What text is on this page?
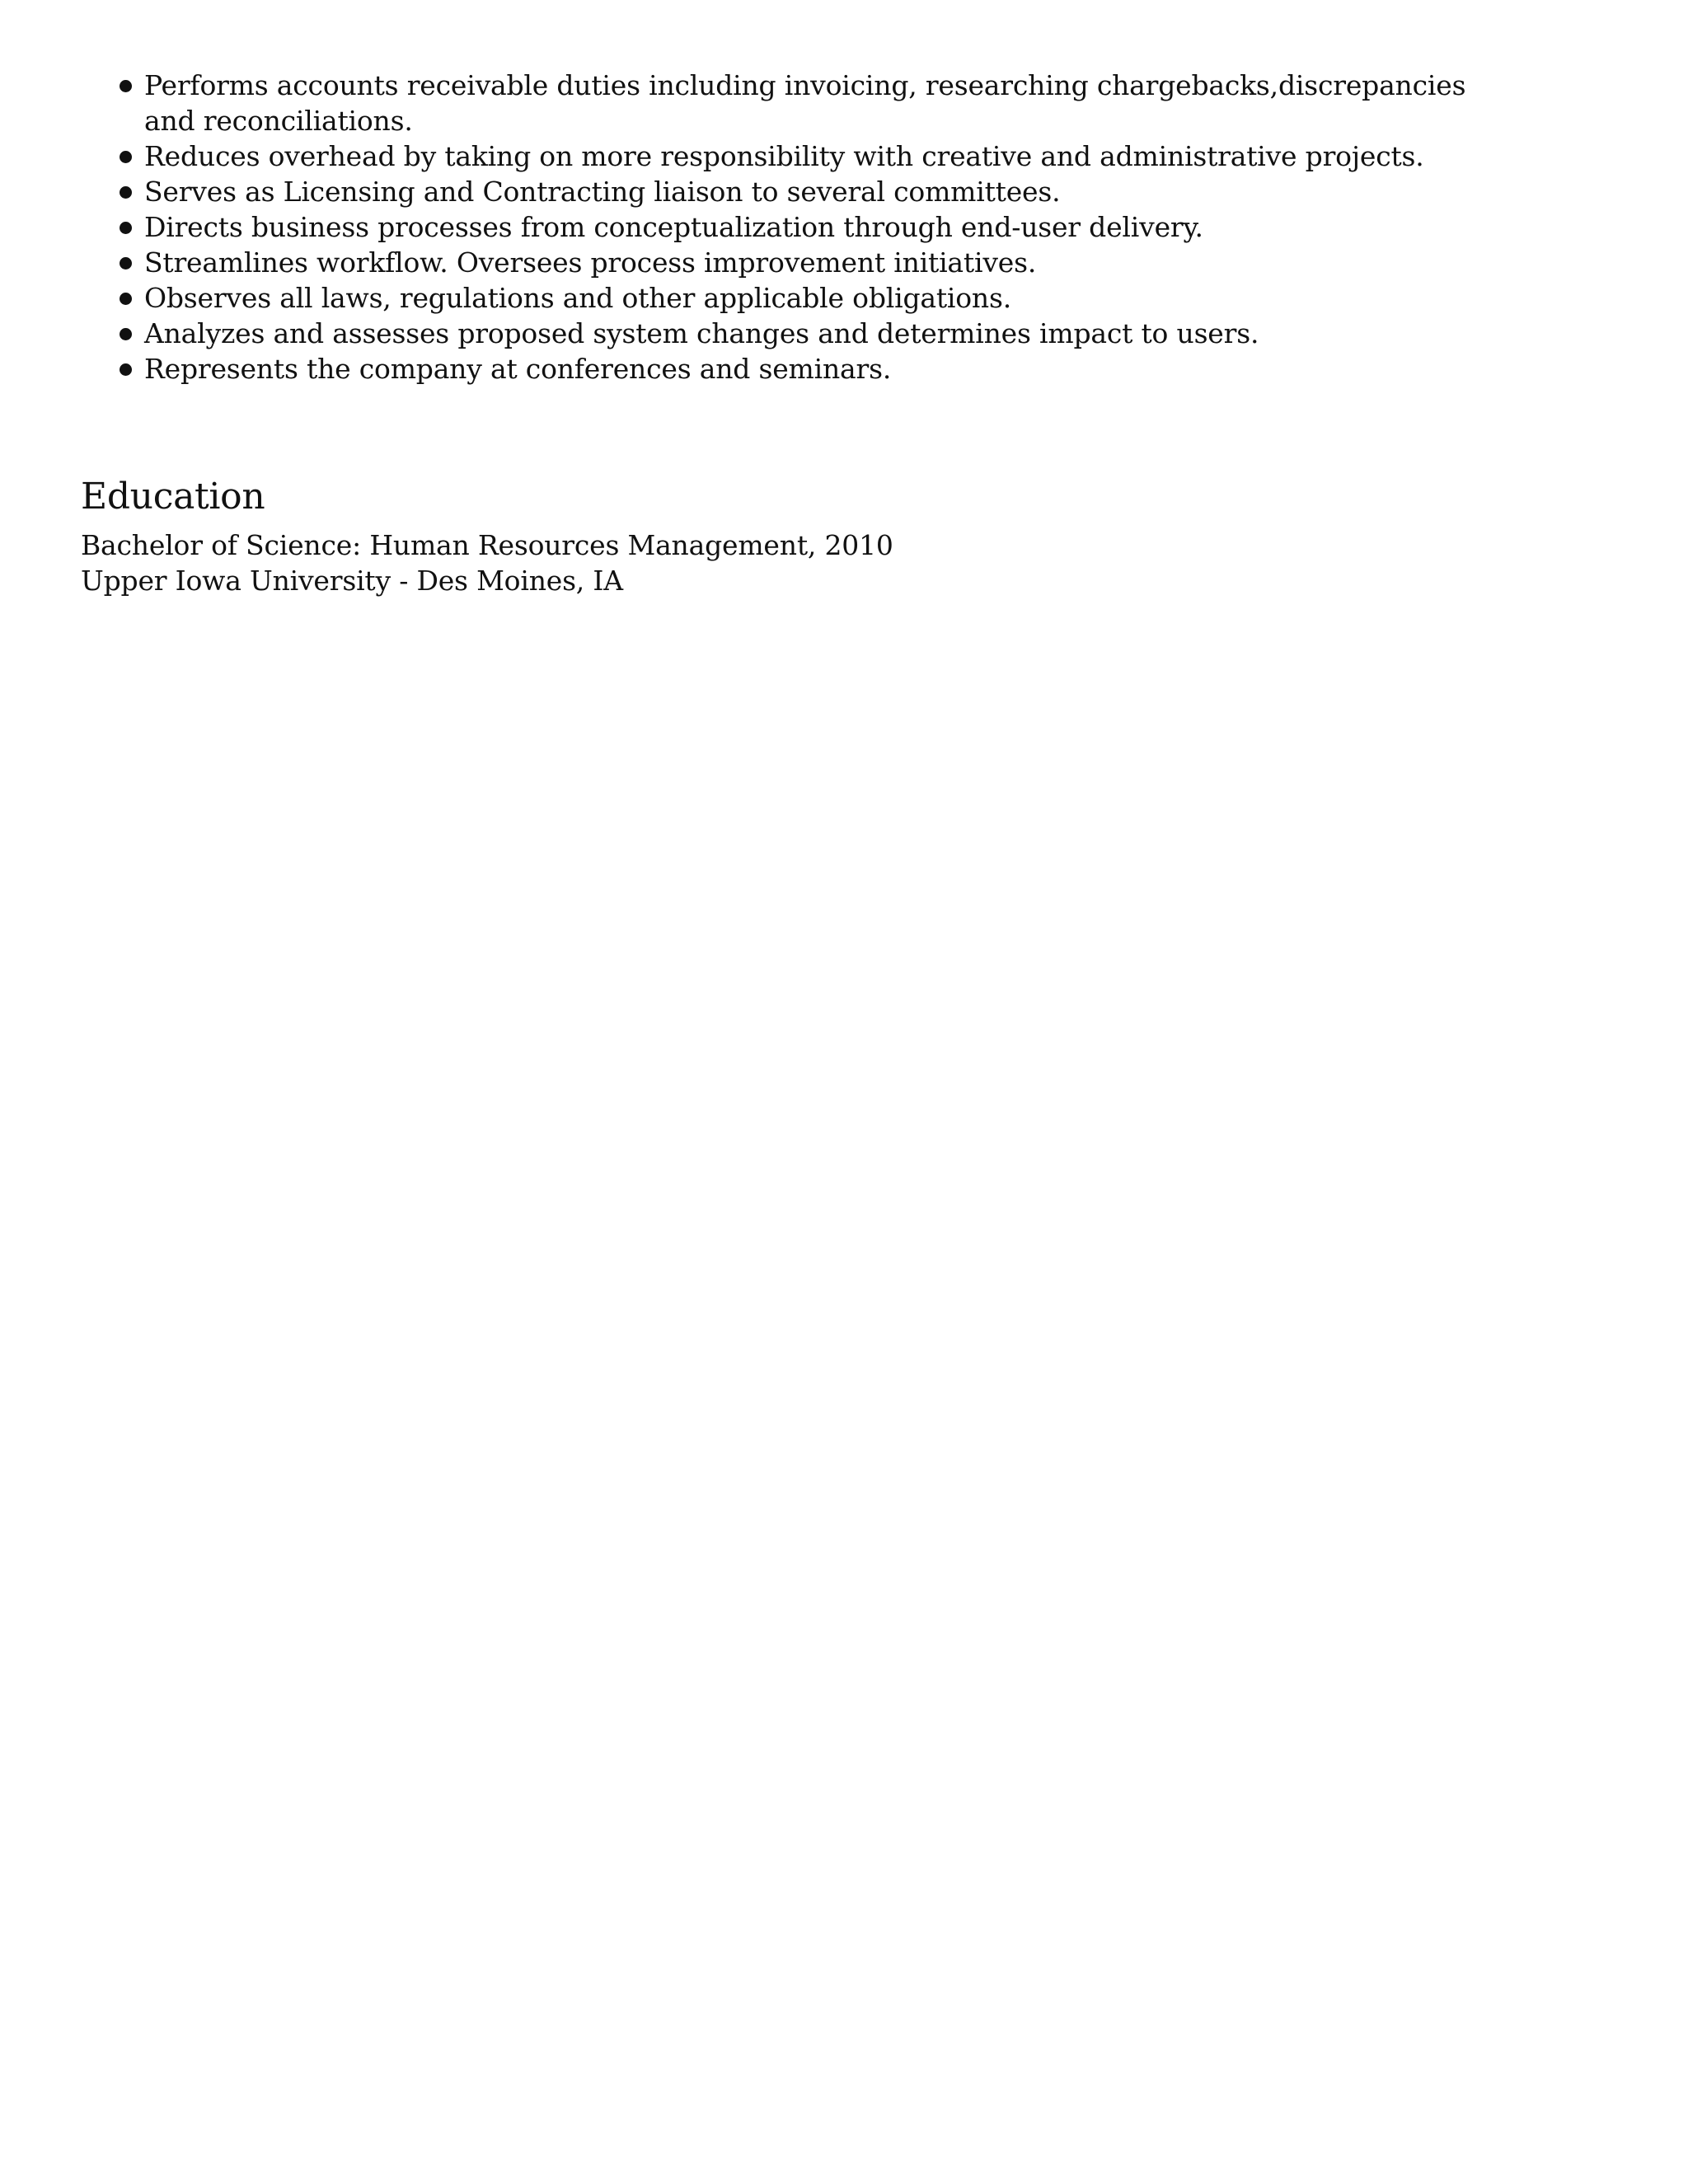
Performs accounts receivable duties including invoicing, researching chargebacks,discrepancies and reconciliations.
Reduces overhead by taking on more responsibility with creative and administrative projects.
Serves as Licensing and Contracting liaison to several committees.
Directs business processes from conceptualization through end-user delivery.
Streamlines workflow. Oversees process improvement initiatives.
Observes all laws, regulations and other applicable obligations.
Analyzes and assesses proposed system changes and determines impact to users.
Represents the company at conferences and seminars.
Education
Bachelor of Science: Human Resources Management, 2010
Upper Iowa University - Des Moines, IA
